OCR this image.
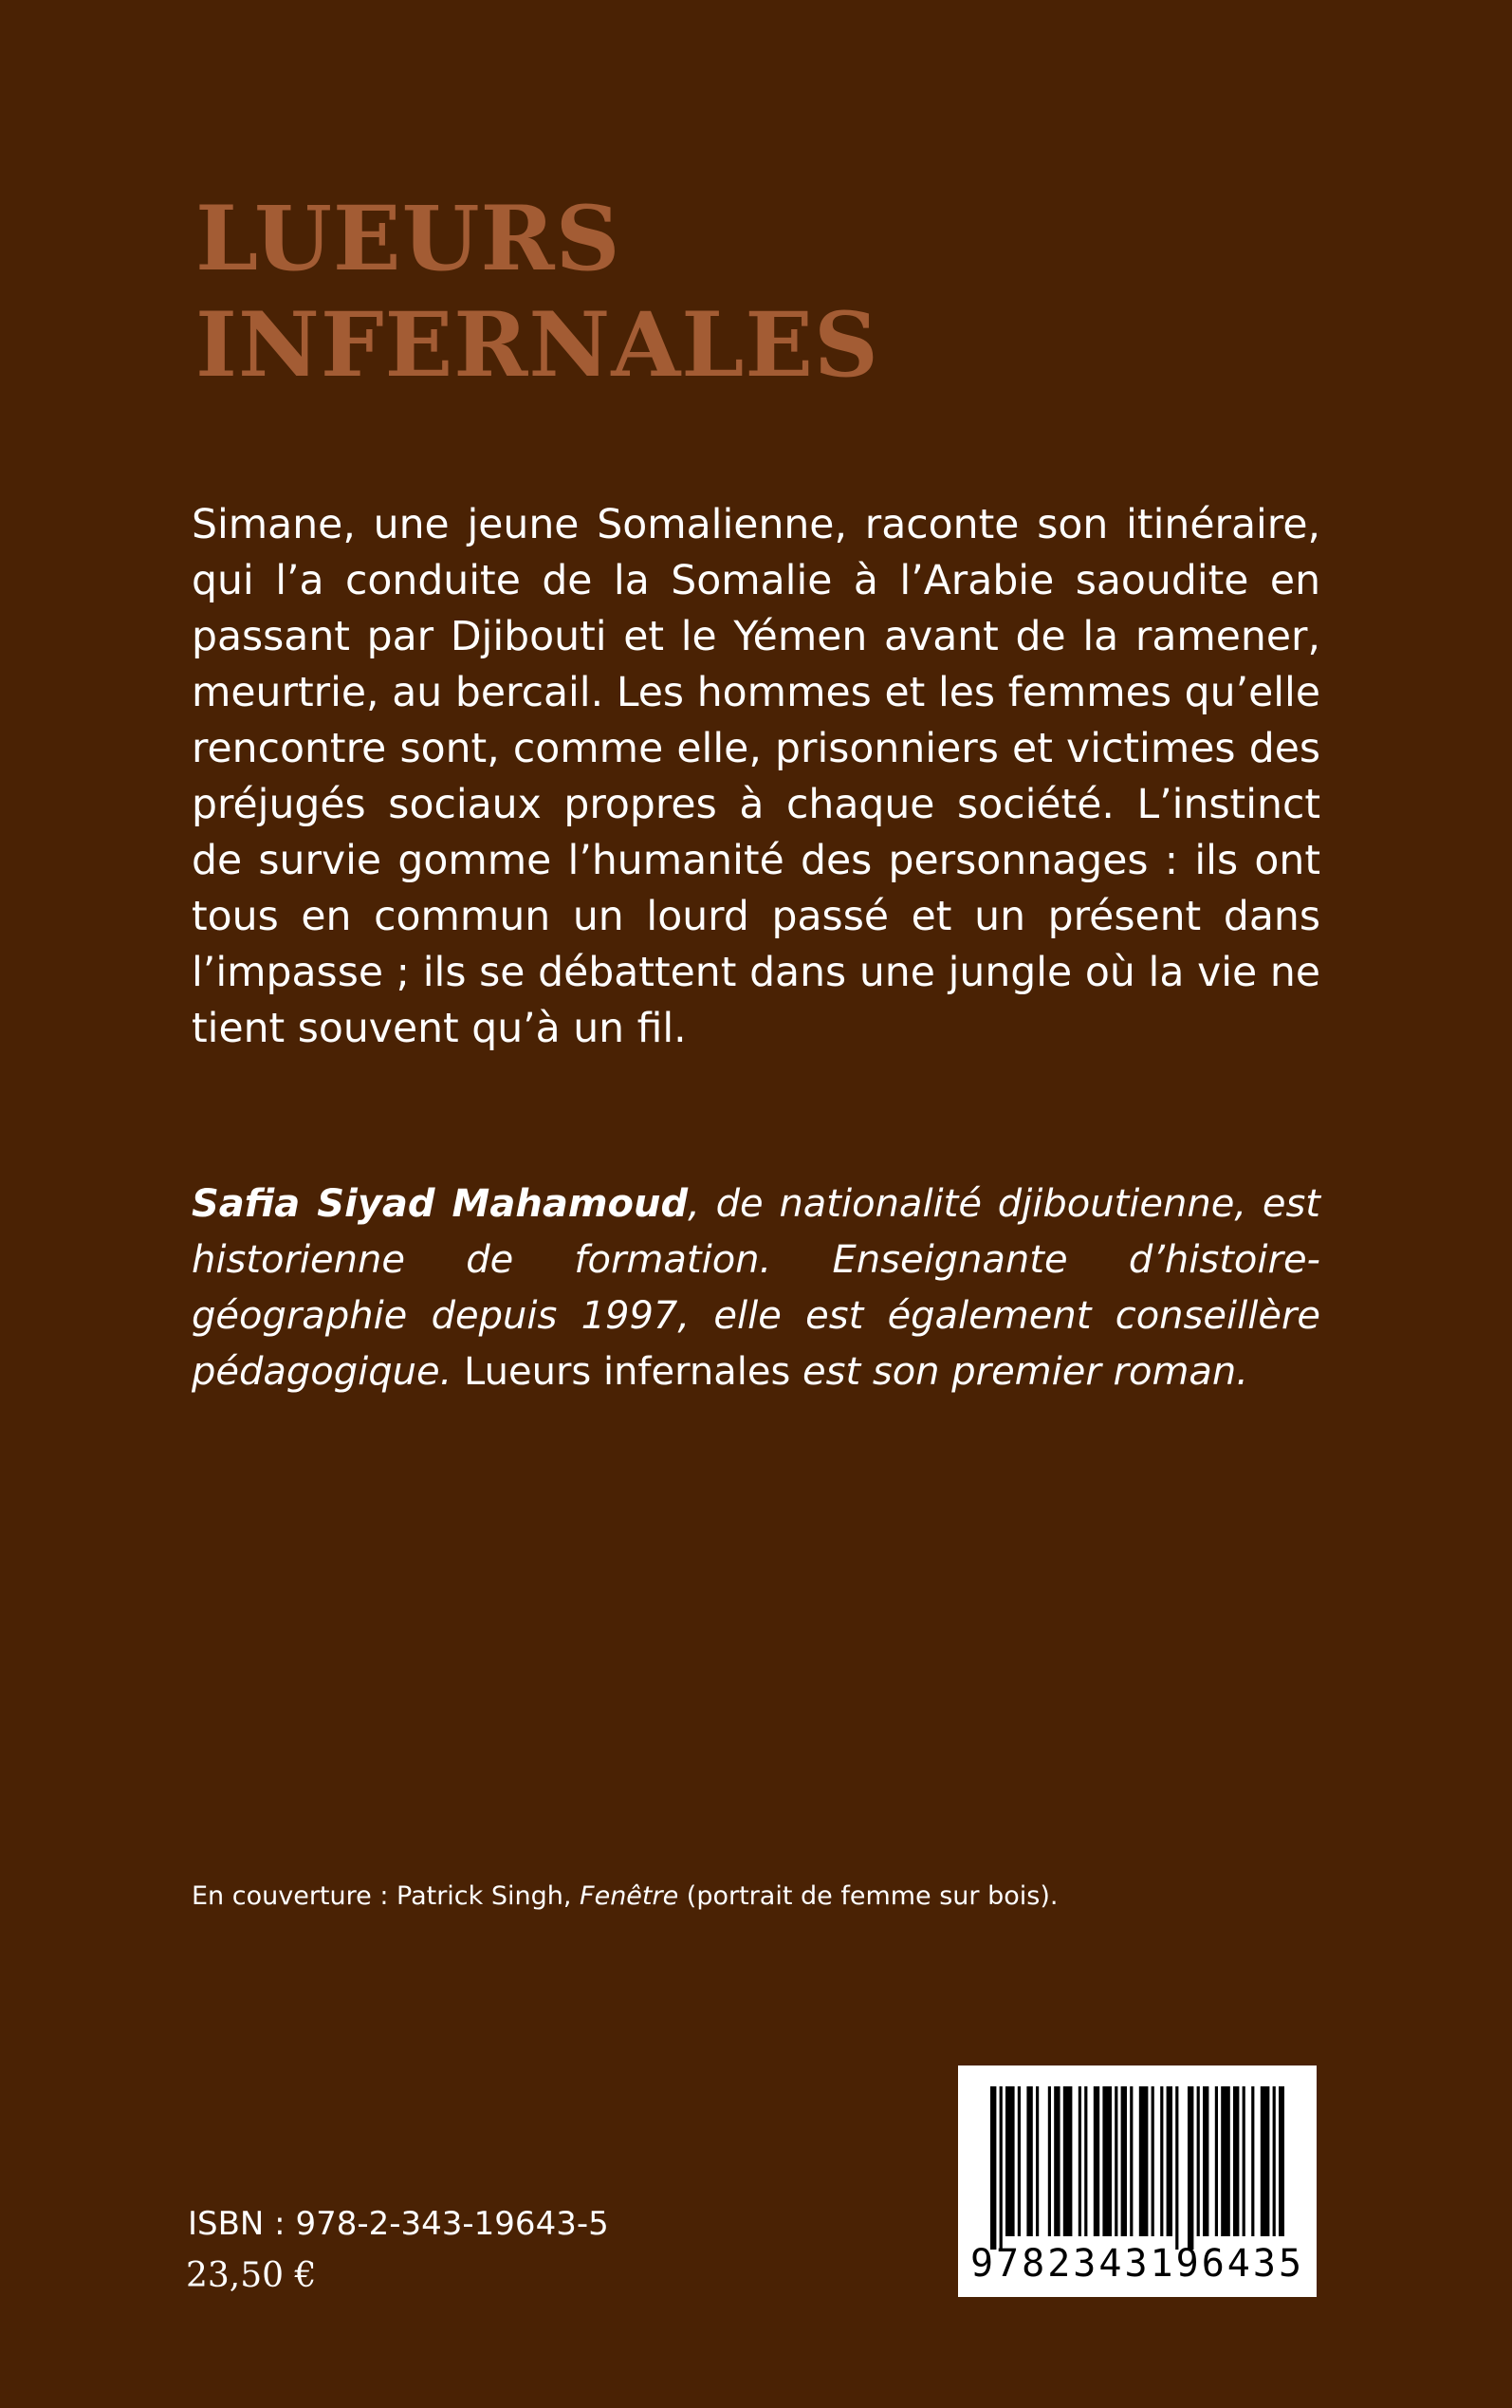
LUEURS
INFERNALES

Simane, une jeune Somalienne, raconte son itinéraire, qui l’a conduite de la Somalie à l’Arabie saoudite en passant par Djibouti et le Yémen avant de la ramener, meurtrie, au bercail. Les hommes et les femmes qu’elle rencontre sont, comme elle, prisonniers et victimes des préjugés sociaux propres à chaque société. L’instinct de survie gomme l’humanité des personnages : ils ont tous en commun un lourd passé et un présent dans l’impasse ; ils se débattent dans une jungle où la vie ne tient souvent qu’à un fil.

Safia Siyad Mahamoud, de nationalité djiboutienne, est historienne de formation. Enseignante d’histoire-géographie depuis 1997, elle est également conseillère pédagogique. Lueurs infernales est son premier roman.

En couverture : Patrick Singh, Fenêtre (portrait de femme sur bois).
ISBN : 978-2-343-19643-5
23,50 €	9782343196435
